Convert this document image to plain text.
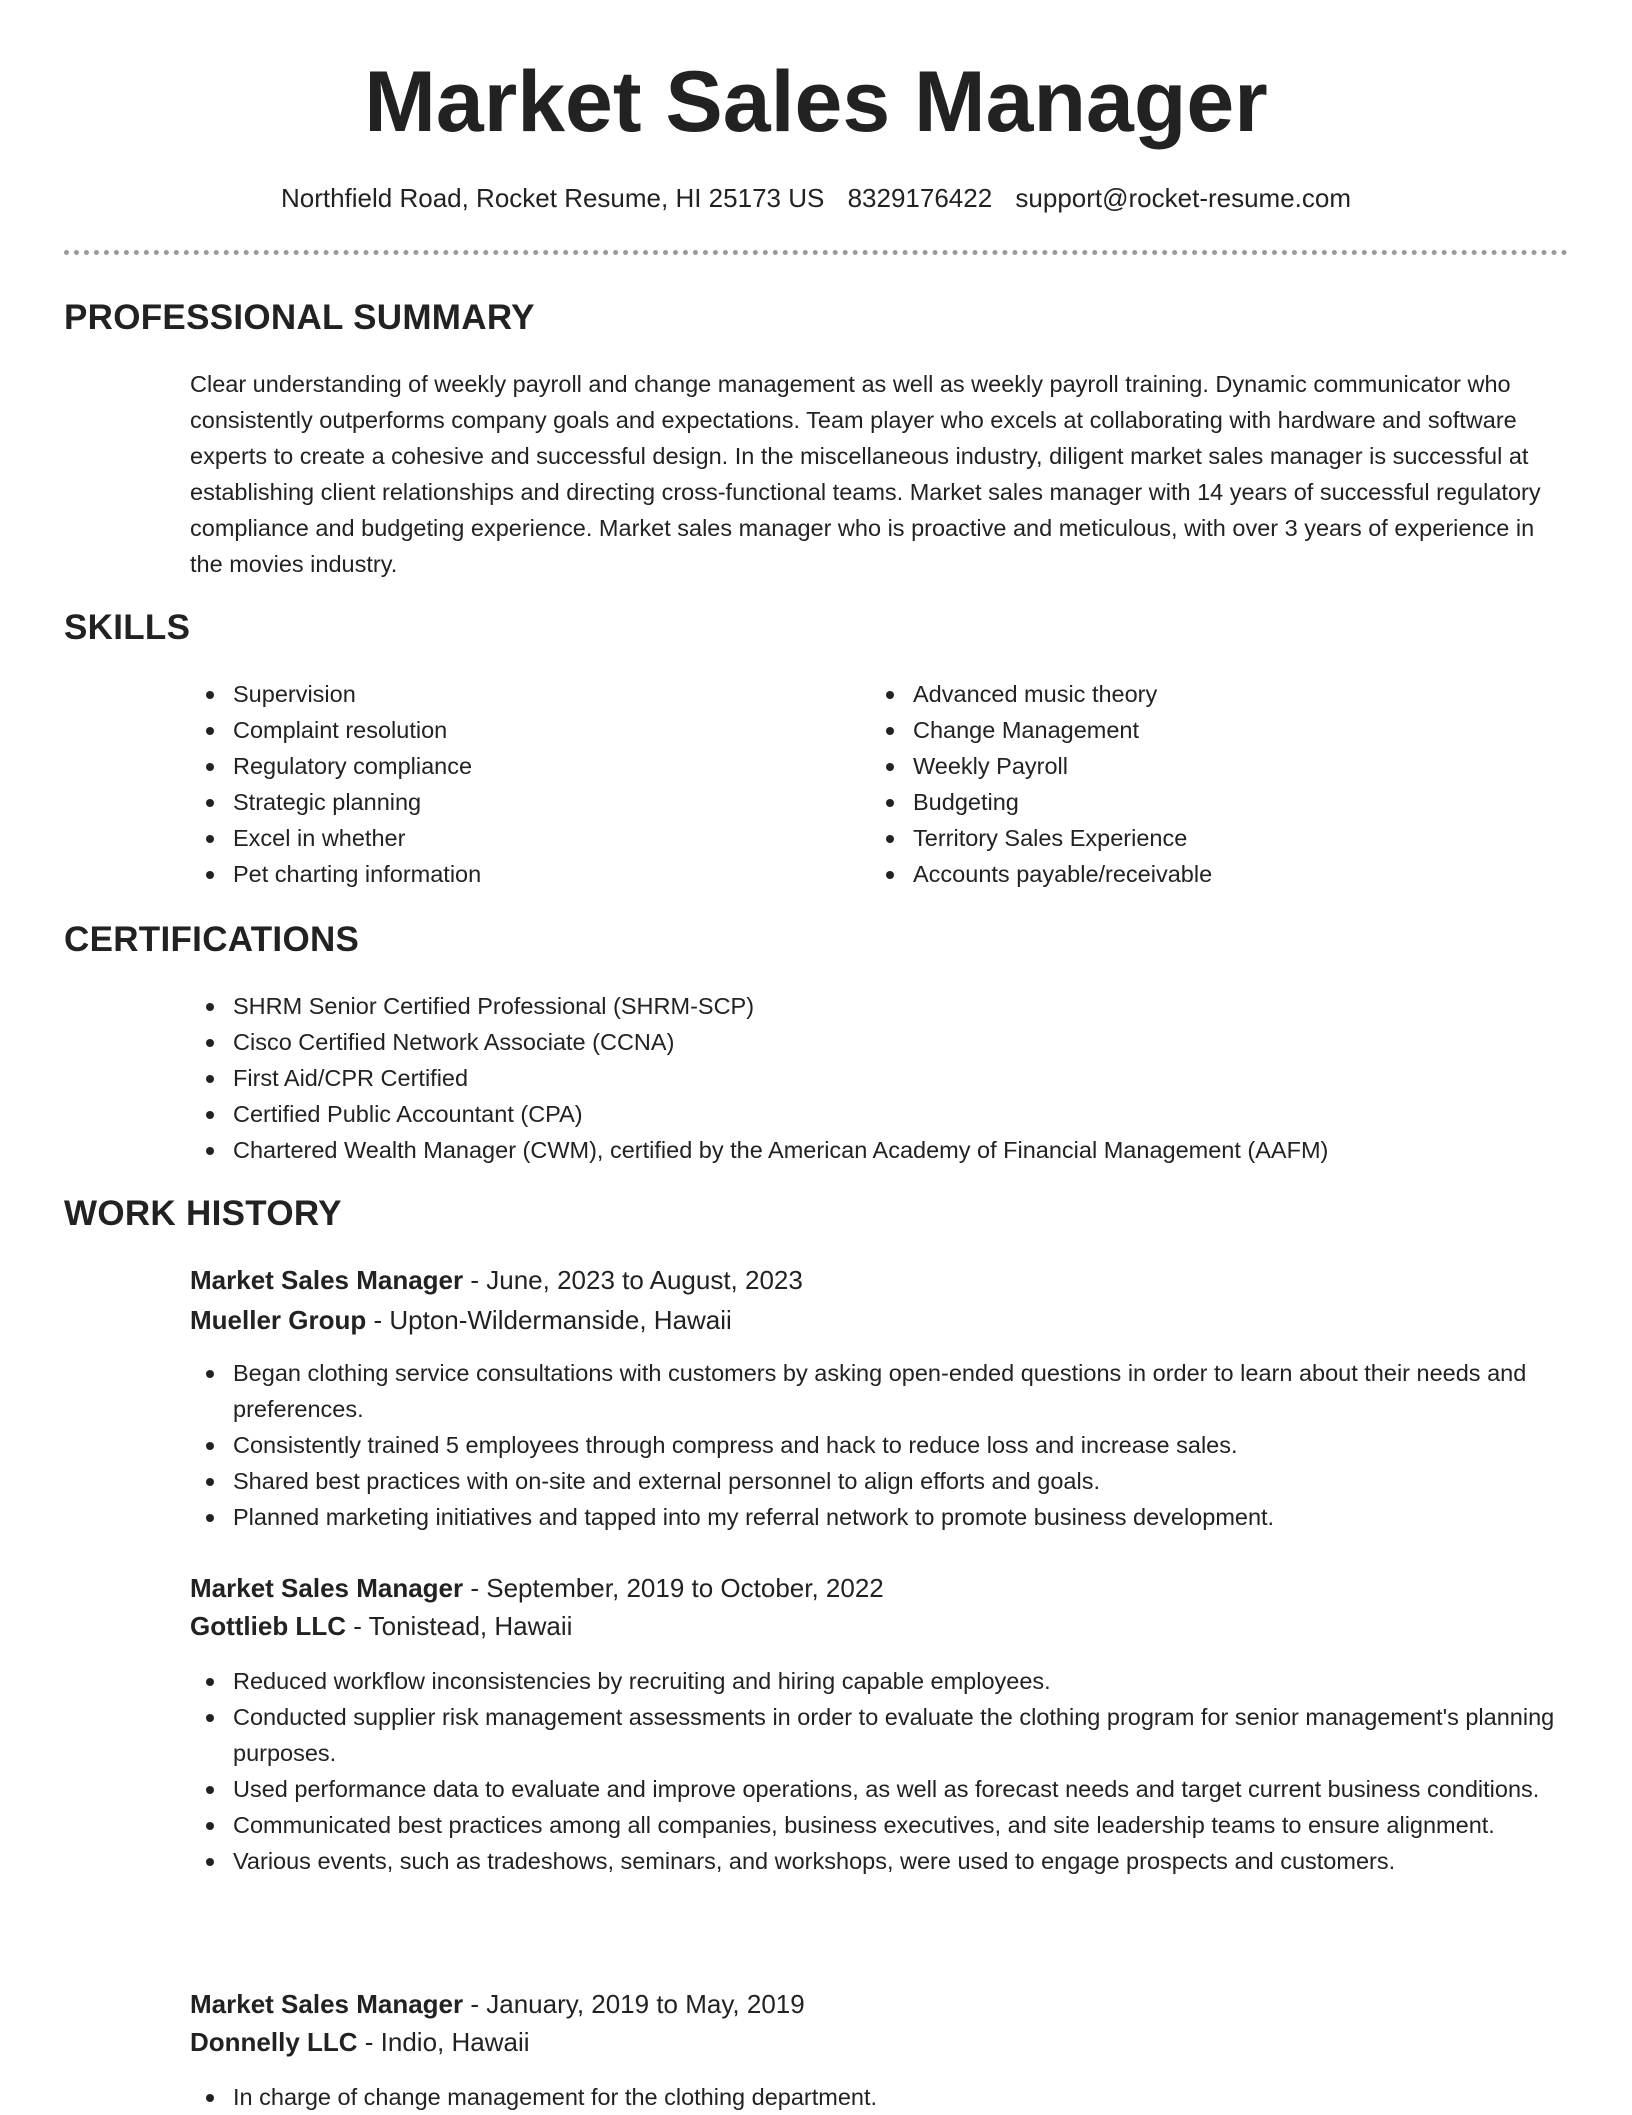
Market Sales Manager
Northfield Road, Rocket Resume, HI 25173 US 8329176422 support@rocket-resume.com
PROFESSIONAL SUMMARY

Clear understanding of weekly payroll and change management as well as weekly payroll training. Dynamic communicator who consistently outperforms company goals and expectations. Team player who excels at collaborating with hardware and software experts to create a cohesive and successful design. In the miscellaneous industry, diligent market sales manager is successful at establishing client relationships and directing cross-functional teams. Market sales manager with 14 years of successful regulatory compliance and budgeting experience. Market sales manager who is proactive and meticulous, with over 3 years of experience in the movies industry.

SKILLS
Supervision
Complaint resolution
Regulatory compliance
Strategic planning
Excel in whether
Pet charting information
Advanced music theory
Change Management
Weekly Payroll
Budgeting
Territory Sales Experience
Accounts payable/receivable
CERTIFICATIONS
SHRM Senior Certified Professional (SHRM-SCP)
Cisco Certified Network Associate (CCNA)
First Aid/CPR Certified
Certified Public Accountant (CPA)
Chartered Wealth Manager (CWM), certified by the American Academy of Financial Management (AAFM)
WORK HISTORY
Market Sales Manager - June, 2023 to August, 2023
Mueller Group - Upton-Wildermanside, Hawaii
Began clothing service consultations with customers by asking open-ended questions in order to learn about their needs and preferences.
Consistently trained 5 employees through compress and hack to reduce loss and increase sales.
Shared best practices with on-site and external personnel to align efforts and goals.
Planned marketing initiatives and tapped into my referral network to promote business development.
Market Sales Manager - September, 2019 to October, 2022
Gottlieb LLC - Tonistead, Hawaii
Reduced workflow inconsistencies by recruiting and hiring capable employees.
Conducted supplier risk management assessments in order to evaluate the clothing program for senior management's planning purposes.
Used performance data to evaluate and improve operations, as well as forecast needs and target current business conditions.
Communicated best practices among all companies, business executives, and site leadership teams to ensure alignment.
Various events, such as tradeshows, seminars, and workshops, were used to engage prospects and customers.
Market Sales Manager - January, 2019 to May, 2019
Donnelly LLC - Indio, Hawaii
In charge of change management for the clothing department.
